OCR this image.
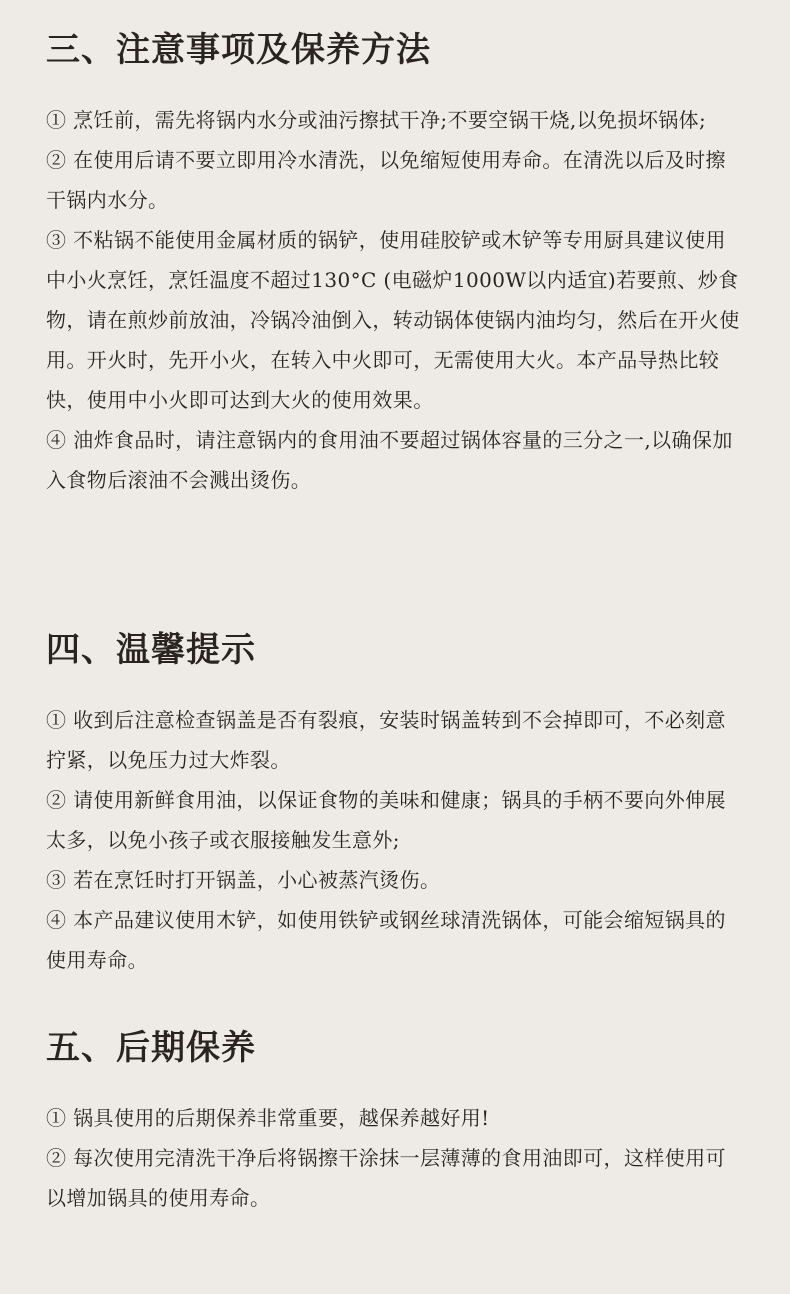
三、注意事项及保养方法

① 烹饪前，需先将锅内水分或油污擦拭干净;不要空锅干烧,以免损坏锅体;

② 在使用后请不要立即用冷水清洗，以免缩短使用寿命。在清洗以后及时擦干锅内水分。

③ 不粘锅不能使用金属材质的锅铲，使用硅胶铲或木铲等专用厨具建议使用中小火烹饪，烹饪温度不超过130°C (电磁炉1000W以内适宜)若要煎、炒食物，请在煎炒前放油，冷锅冷油倒入，转动锅体使锅内油均匀，然后在开火使用。开火时，先开小火，在转入中火即可，无需使用大火。本产品导热比较快，使用中小火即可达到大火的使用效果。

④ 油炸食品时，请注意锅内的食用油不要超过锅体容量的三分之一,以确保加入食物后滚油不会溅出烫伤。

四、温馨提示

① 收到后注意检查锅盖是否有裂痕，安装时锅盖转到不会掉即可，不必刻意拧紧，以免压力过大炸裂。

② 请使用新鲜食用油，以保证食物的美味和健康；锅具的手柄不要向外伸展太多，以免小孩子或衣服接触发生意外;

③ 若在烹饪时打开锅盖，小心被蒸汽烫伤。

④ 本产品建议使用木铲，如使用铁铲或钢丝球清洗锅体，可能会缩短锅具的使用寿命。

五、后期保养

① 锅具使用的后期保养非常重要，越保养越好用!

② 每次使用完清洗干净后将锅擦干涂抹一层薄薄的食用油即可，这样使用可以增加锅具的使用寿命。
